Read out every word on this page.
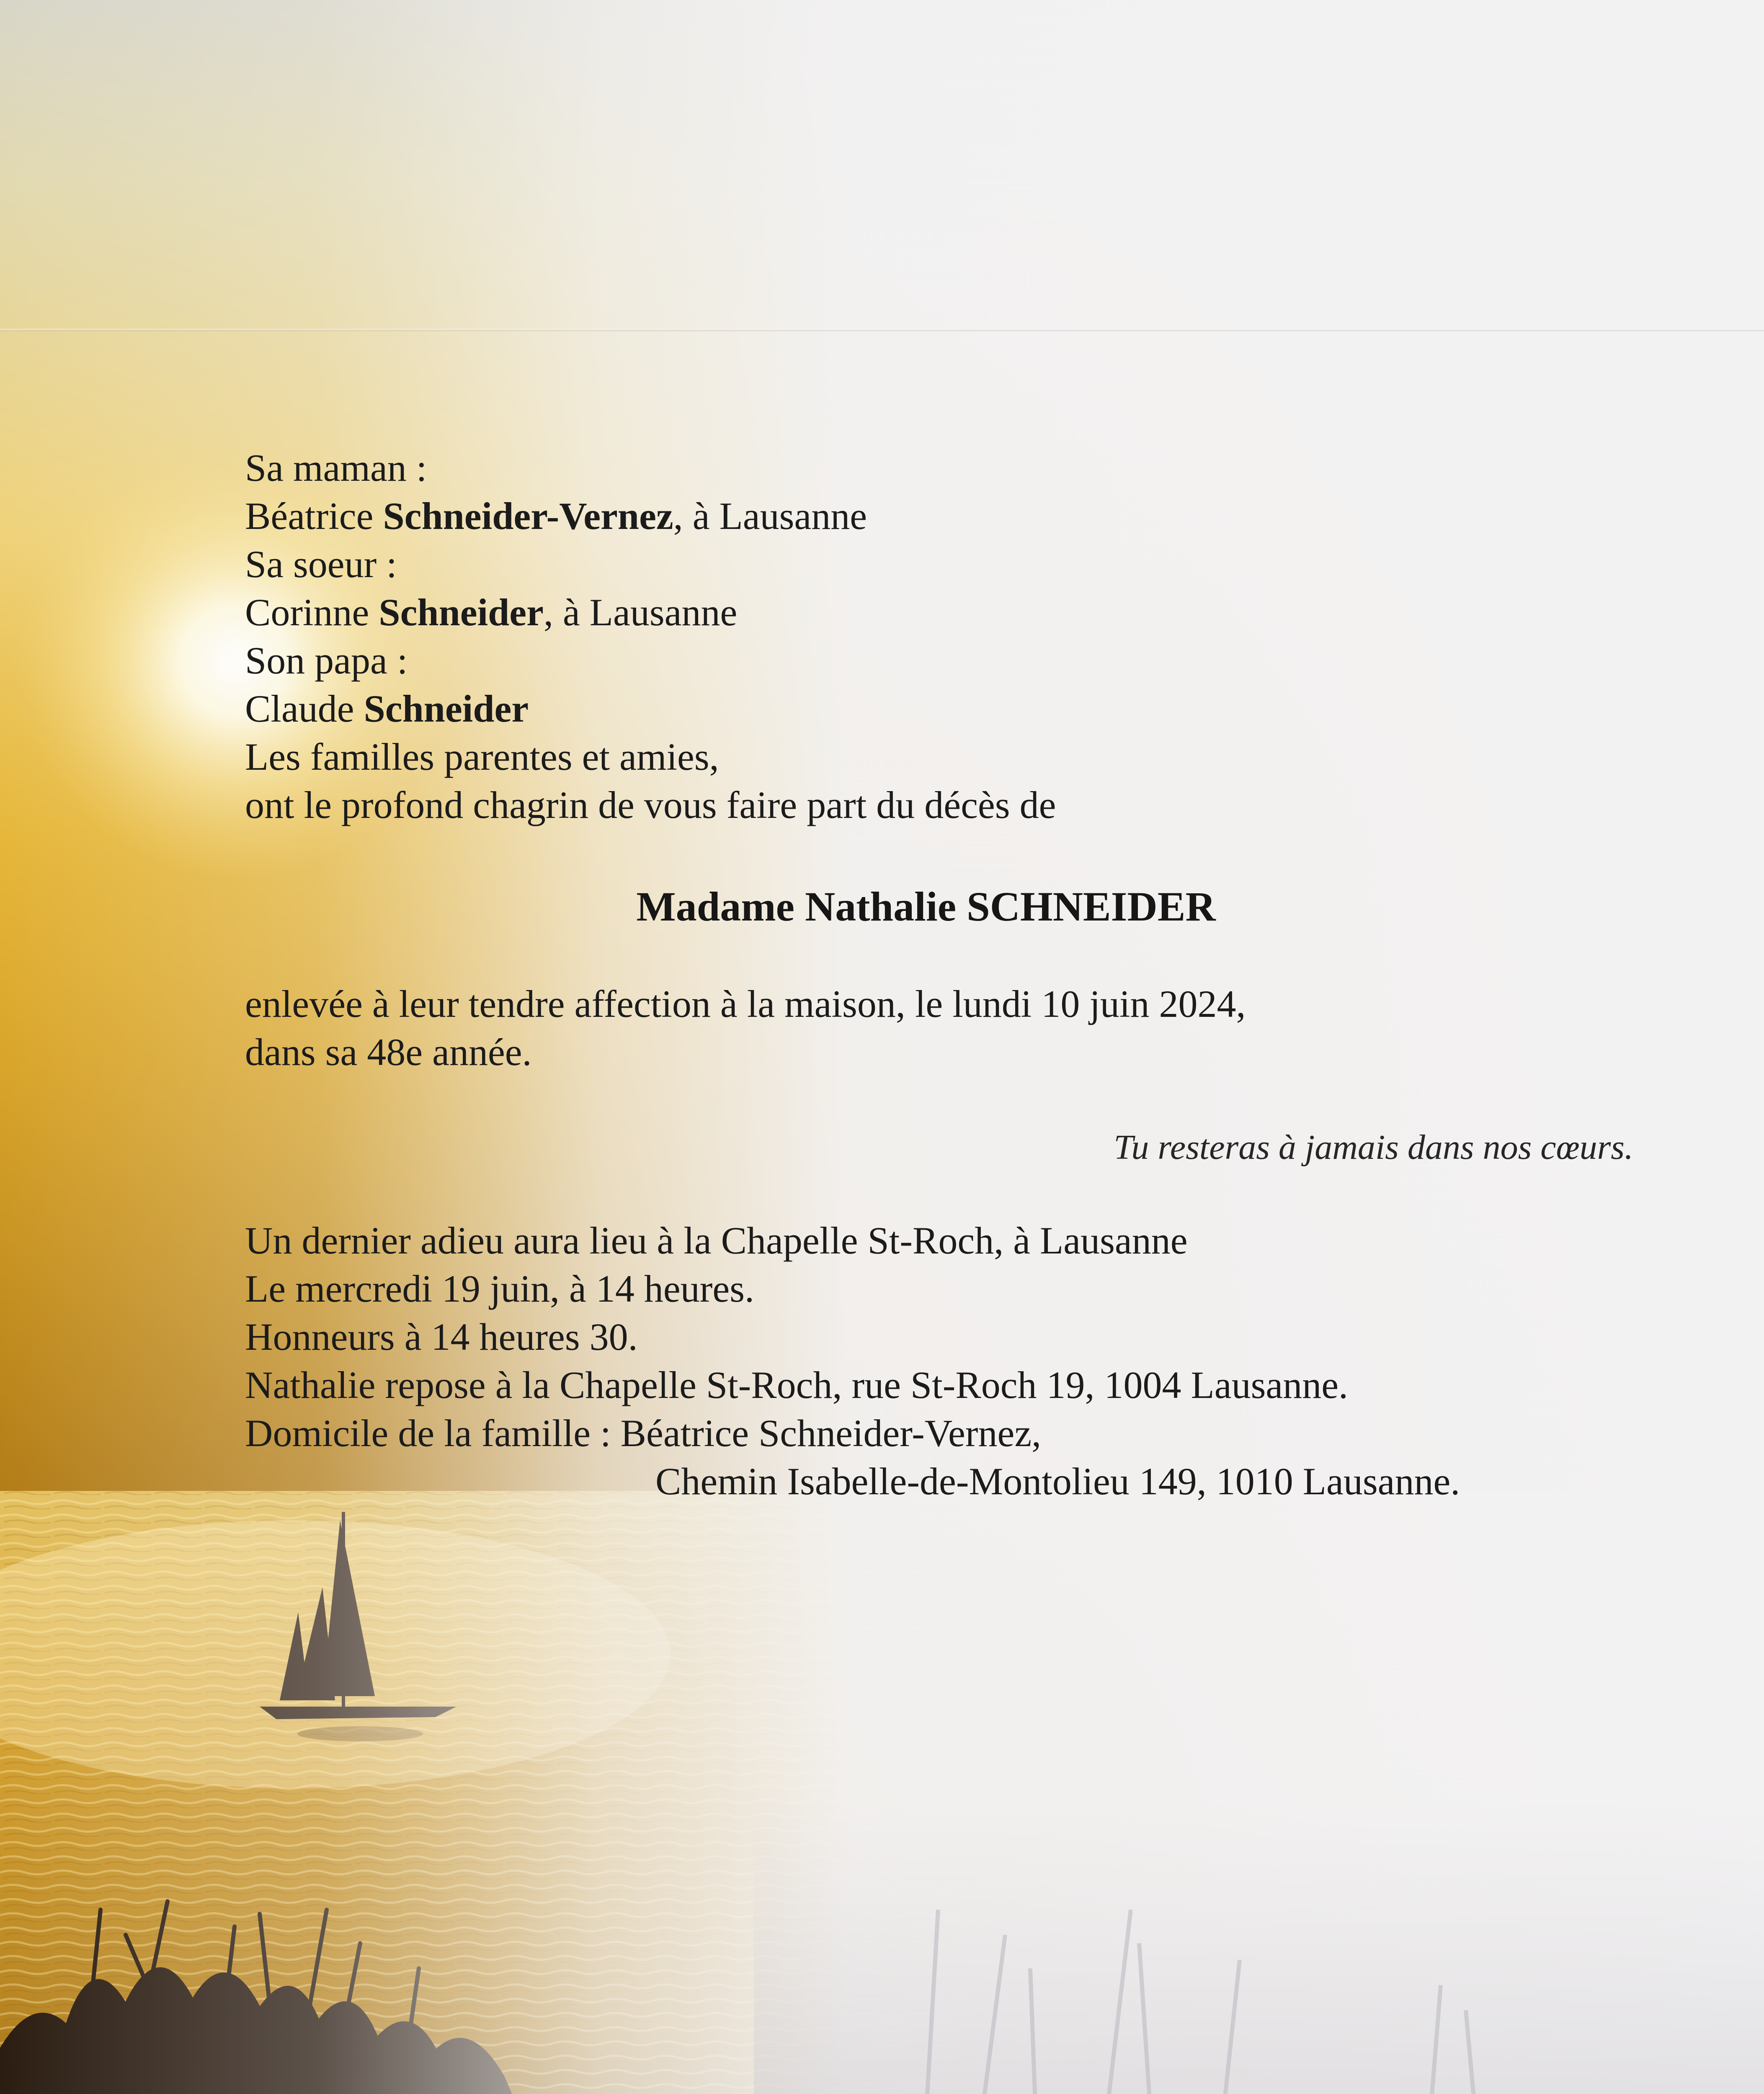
Sa maman :
Béatrice Schneider-Vernez, à Lausanne
Sa soeur :
Corinne Schneider, à Lausanne
Son papa :
Claude Schneider
Les familles parentes et amies,
ont le profond chagrin de vous faire part du décès de
Madame Nathalie SCHNEIDER
enlevée à leur tendre affection à la maison, le lundi 10 juin 2024,
dans sa 48e année.
Tu resteras à jamais dans nos cœurs.
Un dernier adieu aura lieu à la Chapelle St-Roch, à Lausanne
Le mercredi 19 juin, à 14 heures.
Honneurs à 14 heures 30.
Nathalie repose à la Chapelle St-Roch, rue St-Roch 19, 1004 Lausanne.
Domicile de la famille : Béatrice Schneider-Vernez,
Chemin Isabelle-de-Montolieu 149, 1010 Lausanne.
